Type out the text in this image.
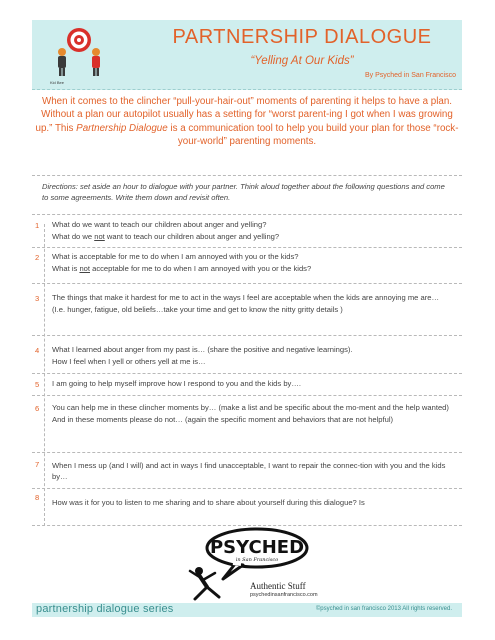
Kid Bee
PARTNERSHIP DIALOGUE
“Yelling At Our Kids”
By Psyched in San Francisco
When it comes to the clincher “pull-your-hair-out” moments of parenting it helps to have a plan. Without a plan our autopilot usually has a setting for “worst parent-ing I got when I was growing up.” This Partnership Dialogue is a communication tool to help you build your plan for those “rock-your-world” parenting moments.
Directions: set aside an hour to dialogue with your partner. Think aloud together about the following questions and come to some agreements. Write them down and revisit often.
1 What do we want to teach our children about anger and yelling?

What do we not want to teach our children about anger and yelling?

2 What is acceptable for me to do when I am annoyed with you or the kids?

What is not acceptable for me to do when I am annoyed with you or the kids?

3 The things that make it hardest for me to act in the ways I feel are acceptable when the kids are annoying me are…

(I.e. hunger, fatigue, old beliefs…take your time and get to know the nitty gritty details )

4 What I learned about anger from my past is… (share the positive and negative learnings).

How I feel when I yell or others yell at me is…

5 I am going to help myself improve how I respond to you and the kids by….

6 You can help me in these clincher moments by… (make a list and be specific about the mo-ment and the help wanted)

And in these moments please do not… (again the specific moment and behaviors that are not helpful)

7 When I mess up (and I will) and act in ways I find unacceptable, I want to repair the connec-tion with you and the kids by…

8

How was it for you to listen to me sharing and to share about yourself during this dialogue? Is

PSYCHED
in San Francisco
Authentic Stuff
psychedinsanfrancisco.com
partnership dialogue series	©psyched in san francisco 2013 All rights reserved.
